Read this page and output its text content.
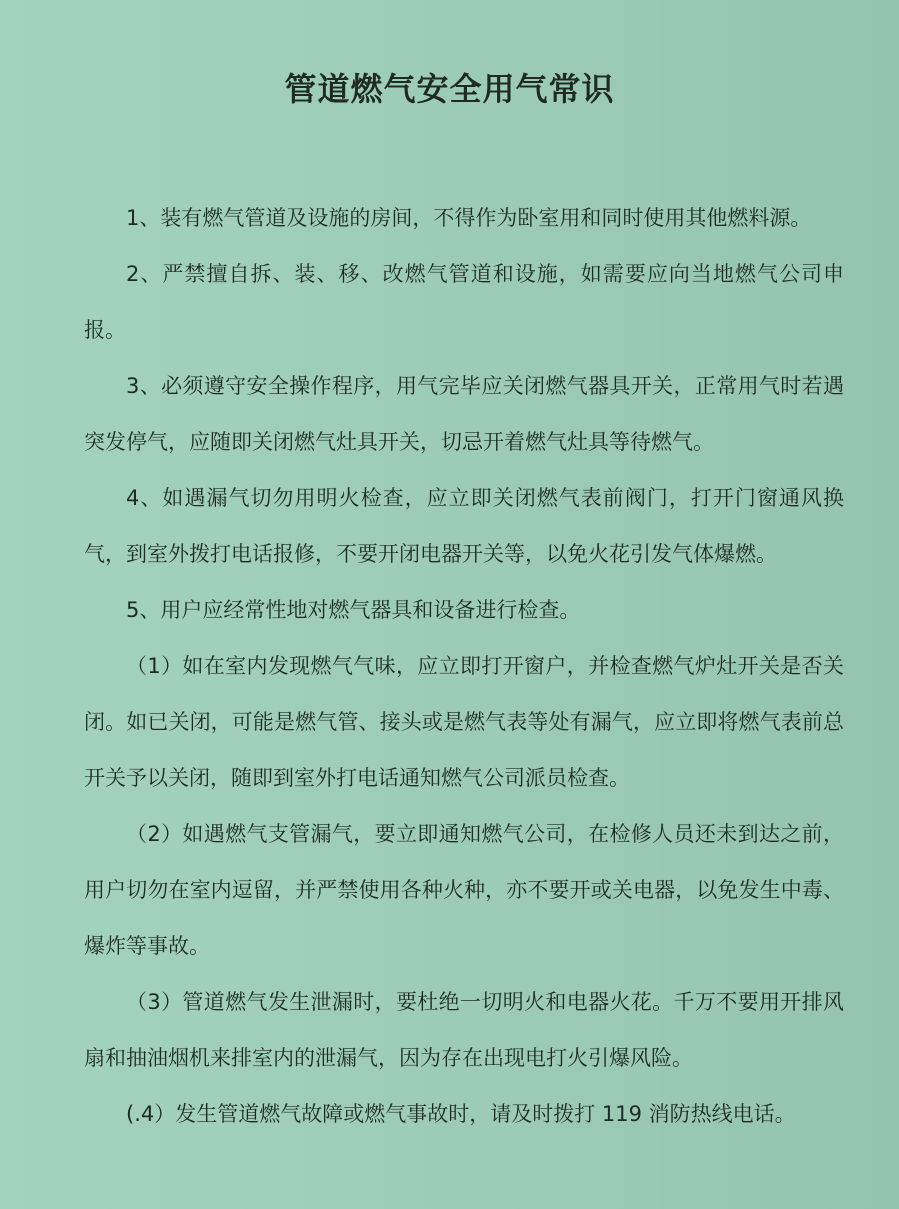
管道燃气安全用气常识

1、装有燃气管道及设施的房间，不得作为卧室用和同时使用其他燃料源。

2、严禁擅自拆、装、移、改燃气管道和设施，如需要应向当地燃气公司申报。

3、必须遵守安全操作程序，用气完毕应关闭燃气器具开关，正常用气时若遇突发停气，应随即关闭燃气灶具开关，切忌开着燃气灶具等待燃气。

4、如遇漏气切勿用明火检查，应立即关闭燃气表前阀门，打开门窗通风换气，到室外拨打电话报修，不要开闭电器开关等，以免火花引发气体爆燃。

5、用户应经常性地对燃气器具和设备进行检查。

（1）如在室内发现燃气气味，应立即打开窗户，并检查燃气炉灶开关是否关闭。如已关闭，可能是燃气管、接头或是燃气表等处有漏气，应立即将燃气表前总开关予以关闭，随即到室外打电话通知燃气公司派员检查。

（2）如遇燃气支管漏气，要立即通知燃气公司，在检修人员还未到达之前，用户切勿在室内逗留，并严禁使用各种火种，亦不要开或关电器，以免发生中毒、爆炸等事故。

（3）管道燃气发生泄漏时，要杜绝一切明火和电器火花。千万不要用开排风扇和抽油烟机来排室内的泄漏气，因为存在出现电打火引爆风险。

(.4）发生管道燃气故障或燃气事故时，请及时拨打 119 消防热线电话。
